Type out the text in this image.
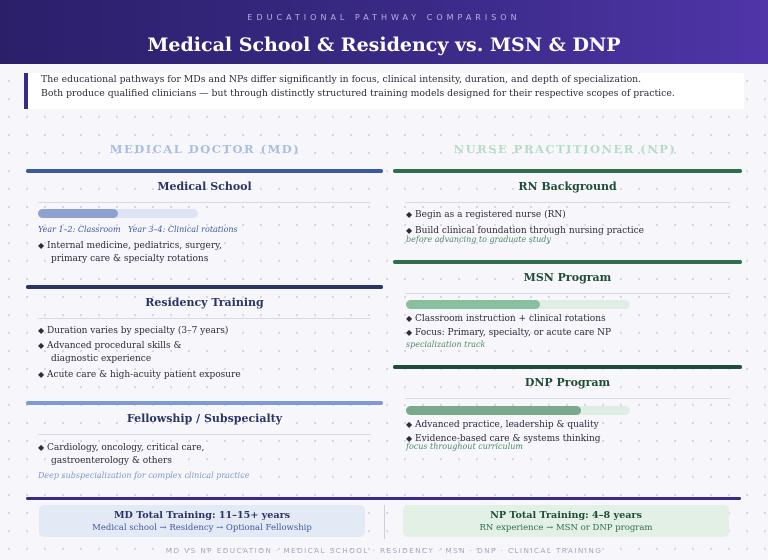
EDUCATIONAL PATHWAY COMPARISON
Medical School & Residency vs. MSN & DNP
The educational pathways for MDs and NPs differ significantly in focus, clinical intensity, duration, and depth of specialization.
Both produce qualified clinicians — but through distinctly structured training models designed for their respective scopes of practice.
MEDICAL DOCTOR (MD)	NURSE PRACTITIONER (NP)
Medical School
Year 1–2: Classroom Year 3–4: Clinical rotations
◆ Internal medicine, pediatrics, surgery,
primary care & specialty rotations
Residency Training
◆ Duration varies by specialty (3–7 years)
◆ Advanced procedural skills &
diagnostic experience
◆ Acute care & high-acuity patient exposure
Fellowship / Subspecialty
◆ Cardiology, oncology, critical care,
gastroenterology & others
Deep subspecialization for complex clinical practice
RN Background
◆ Begin as a registered nurse (RN)
◆ Build clinical foundation through nursing practice
before advancing to graduate study
MSN Program
◆ Classroom instruction + clinical rotations
◆ Focus: Primary, specialty, or acute care NP
specialization track
DNP Program
◆ Advanced practice, leadership & quality
◆ Evidence-based care & systems thinking
focus throughout curriculum
MD Total Training: 11–15+ years
Medical school → Residency → Optional Fellowship
NP Total Training: 4–8 years
RN experience → MSN or DNP program
MD VS NP EDUCATION · MEDICAL SCHOOL · RESIDENCY · MSN · DNP · CLINICAL TRAINING
